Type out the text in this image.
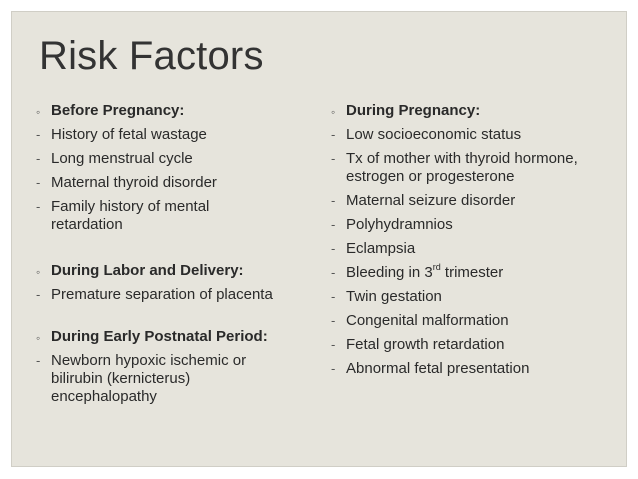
Risk Factors
◦ Before Pregnancy:
- History of fetal wastage
- Long menstrual cycle
- Maternal thyroid disorder
- Family history of mental retardation
◦ During Labor and Delivery:
- Premature separation of placenta
◦ During Early Postnatal Period:
- Newborn hypoxic ischemic or bilirubin (kernicterus) encephalopathy
◦ During Pregnancy:
- Low socioeconomic status
- Tx of mother with thyroid hormone, estrogen or progesterone
- Maternal seizure disorder
- Polyhydramnios
- Eclampsia
- Bleeding in 3rd trimester
- Twin gestation
- Congenital malformation
- Fetal growth retardation
- Abnormal fetal presentation
